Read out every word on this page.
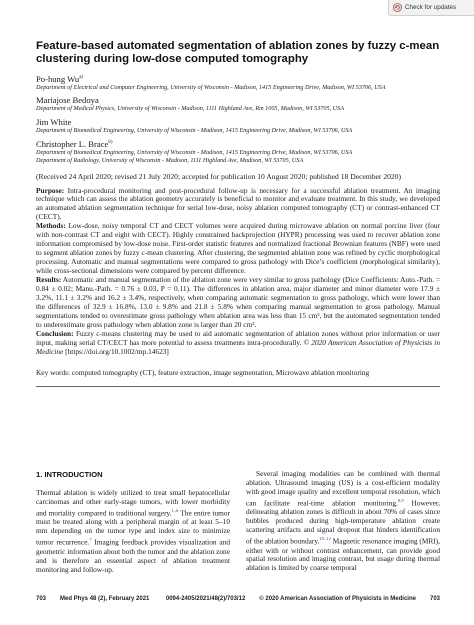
Check for updates
Feature-based automated segmentation of ablation zones by fuzzy c-mean clustering during low-dose computed tomography
Po-hung Wu$^{a)}$
Department of Electrical and Computer Engineering, University of Wisconsin - Madison, 1415 Engineering Drive, Madison, WI 53706, USA
Mariajose Bedoya
Department of Medical Physics, University of Wisconsin - Madison, 1111 Highland Ave, Rm 1005, Madison, WI 53705, USA
Jim White
Department of Biomedical Engineering, University of Wisconsin - Madison, 1415 Engineering Drive, Madison, WI 53706, USA
Christopher L. Brace$^{b)}$
Department of Biomedical Engineering, University of Wisconsin - Madison, 1415 Engineering Drive, Madison, WI 53706, USA
Department of Radiology, University of Wisconsin - Madison, 1111 Highland Ave, Madison, WI 53705, USA
(Received 24 April 2020; revised 21 July 2020; accepted for publication 10 August 2020; published 18 December 2020)

Purpose: Intra-procedural monitoring and post-procedural follow-up is necessary for a successful ablation treatment. An imaging technique which can assess the ablation geometry accurately is beneficial to monitor and evaluate treatment. In this study, we developed an automated ablation segmentation technique for serial low-dose, noisy ablation computed tomography (CT) or contrast-enhanced CT (CECT).

Methods: Low-dose, noisy temporal CT and CECT volumes were acquired during microwave ablation on normal porcine liver (four with non-contrast CT and eight with CECT). Highly constrained backprojection (HYPR) processing was used to recover ablation zone information compromised by low-dose noise. First-order statistic features and normalized fractional Brownian features (NBF) were used to segment ablation zones by fuzzy c-mean clustering. After clustering, the segmented ablation zone was refined by cyclic morphological processing. Automatic and manual segmentations were compared to gross pathology with Dice’s coefficient (morphological similarity), while cross-sectional dimensions were compared by percent difference.

Results: Automatic and manual segmentation of the ablation zone were very similar to gross pathology (Dice Coefficients: Auto.-Path. = 0.84 ± 0.02; Manu.-Path. = 0.76 ± 0.03, P = 0.11). The differences in ablation area, major diameter and minor diameter were 17.9 ± 3.2%, 11.1 ± 3.2% and 16.2 ± 3.4%, respectively, when comparing automatic segmentation to gross pathology, which were lower than the differences of 32.9 ± 16.8%, 13.0 ± 9.8% and 21.8 ± 5.8% when comparing manual segmentation to gross pathology. Manual segmentations tended to overestimate gross pathology when ablation area was less than 15 cm², but the automated segmentation tended to underestimate gross pathology when ablation zone is larger than 20 cm².

Conclusion: Fuzzy c-means clustering may be used to aid automatic segmentation of ablation zones without prior information or user input, making serial CT/CECT has more potential to assess treatments intra-procedurally. © 2020 American Association of Physicists in Medicine [https://doi.org/10.1002/mp.14623]

Key words: computed tomography (CT), feature extraction, image segmentation, Microwave ablation monitoring
1. INTRODUCTION

Thermal ablation is widely utilized to treat small hepatocellular carcinomas and other early-stage tumors, with lower morbidity and mortality compared to traditional surgery.$^{1-6}$ The entire tumor must be treated along with a peripheral margin of at least 5–10 mm depending on the tumor type and index size to minimize tumor recurrence.$^7$ Imaging feedback provides visualization and geometric information about both the tumor and the ablation zone and is therefore an essential aspect of ablation treatment monitoring and follow-up.

Several imaging modalities can be combined with thermal ablation. Ultrasound imaging (US) is a cost-efficient modality with good image quality and excellent temporal resolution, which can facilitate real-time ablation monitoring.$^{8,9}$ However, delineating ablation zones is difficult in about 70% of cases since bubbles produced during high-temperature ablation create scattering artifacts and signal dropout that hinders identification of the ablation boundary.$^{10-12}$ Magnetic resonance imaging (MRI), either with or without contrast enhancement, can provide good spatial resolution and imaging contrast, but usage during thermal ablation is limited by coarse temporal

703 Med Phys 48 (2), February 2021	0094-2405/2021/48(2)/703/12 © 2020 American Association of Physicists in Medicine 703
